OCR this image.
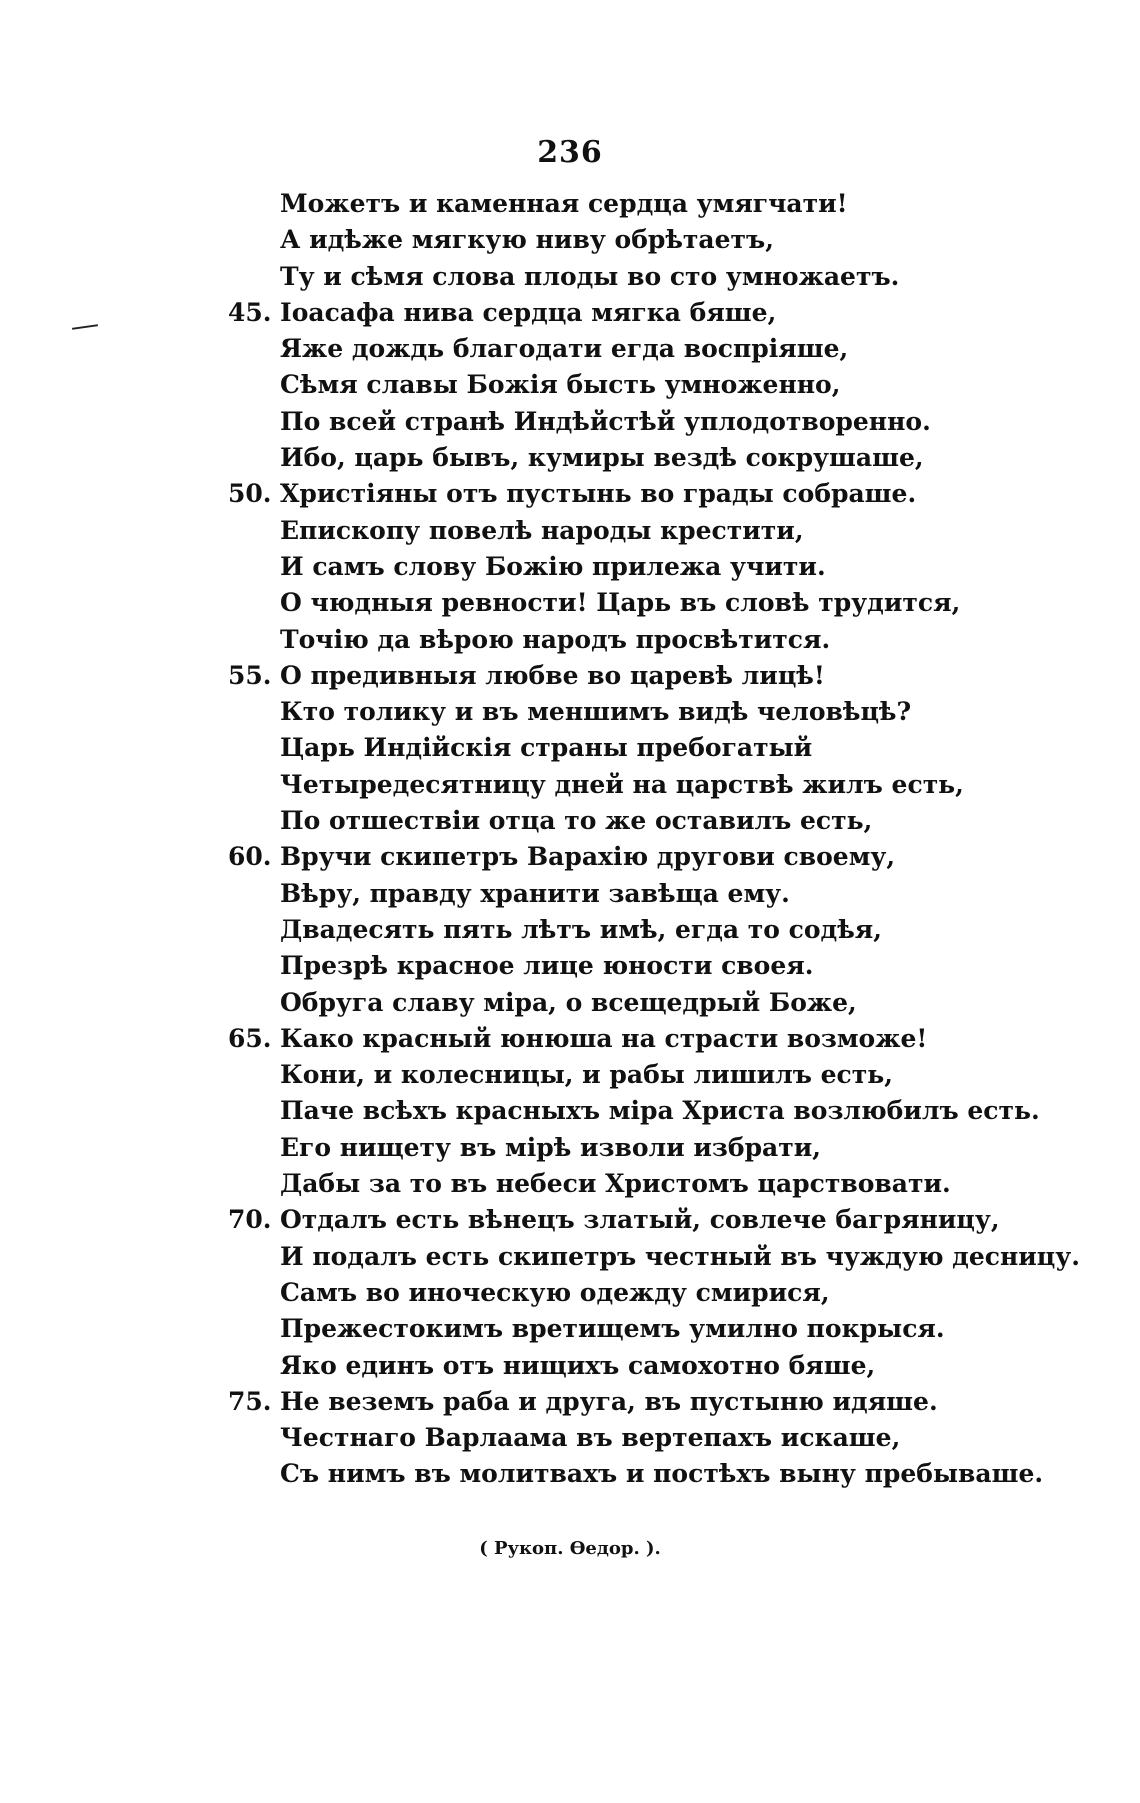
236
Можетъ и каменная сердца умягчати!
А идѣже мягкую ниву обрѣтаетъ,
Ту и сѣмя слова плоды во сто умножаетъ.
45. Іоасафа нива сердца мягка бяше,
Яже дождь благодати егда воспріяше,
Сѣмя славы Божія бысть умноженно,
По всей странѣ Индѣйстѣй уплодотворенно.
Ибо, царь бывъ, кумиры вездѣ сокрушаше,
50. Христіяны отъ пустынь во грады собраше.
Епископу повелѣ народы крестити,
И самъ слову Божію прилежа учити.
О чюдныя ревности! Царь въ словѣ трудится,
Точію да вѣрою народъ просвѣтится.
55. О предивныя любве во царевѣ лицѣ!
Кто толику и въ меншимъ видѣ человѣцѣ?
Царь Индійскія страны пребогатый
Четыредесятницу дней на царствѣ жилъ есть,
По отшествіи отца то же оставилъ есть,
60. Вручи скипетръ Варахію другови своему,
Вѣру, правду хранити завѣща ему.
Двадесять пять лѣтъ имѣ, егда то содѣя,
Презрѣ красное лице юности своея.
Обруга славу міра, о всещедрый Боже,
65. Како красный юнюша на страсти возможе!
Кони, и колесницы, и рабы лишилъ есть,
Паче всѣхъ красныхъ міра Христа возлюбилъ есть.
Его нищету въ мірѣ изволи избрати,
Дабы за то въ небеси Христомъ царствовати.
70. Отдалъ есть вѣнецъ златый, совлече багряницу,
И подалъ есть скипетръ честный въ чуждую десницу.
Самъ во иноческую одежду смирися,
Прежестокимъ вретищемъ умилно покрыся.
Яко единъ отъ нищихъ самохотно бяше,
75. Не веземъ раба и друга, въ пустыню идяше.
Честнаго Варлаама въ вертепахъ искаше,
Съ нимъ въ молитвахъ и постѣхъ выну пребываше.
( Рукоп. Ѳедор. ).
